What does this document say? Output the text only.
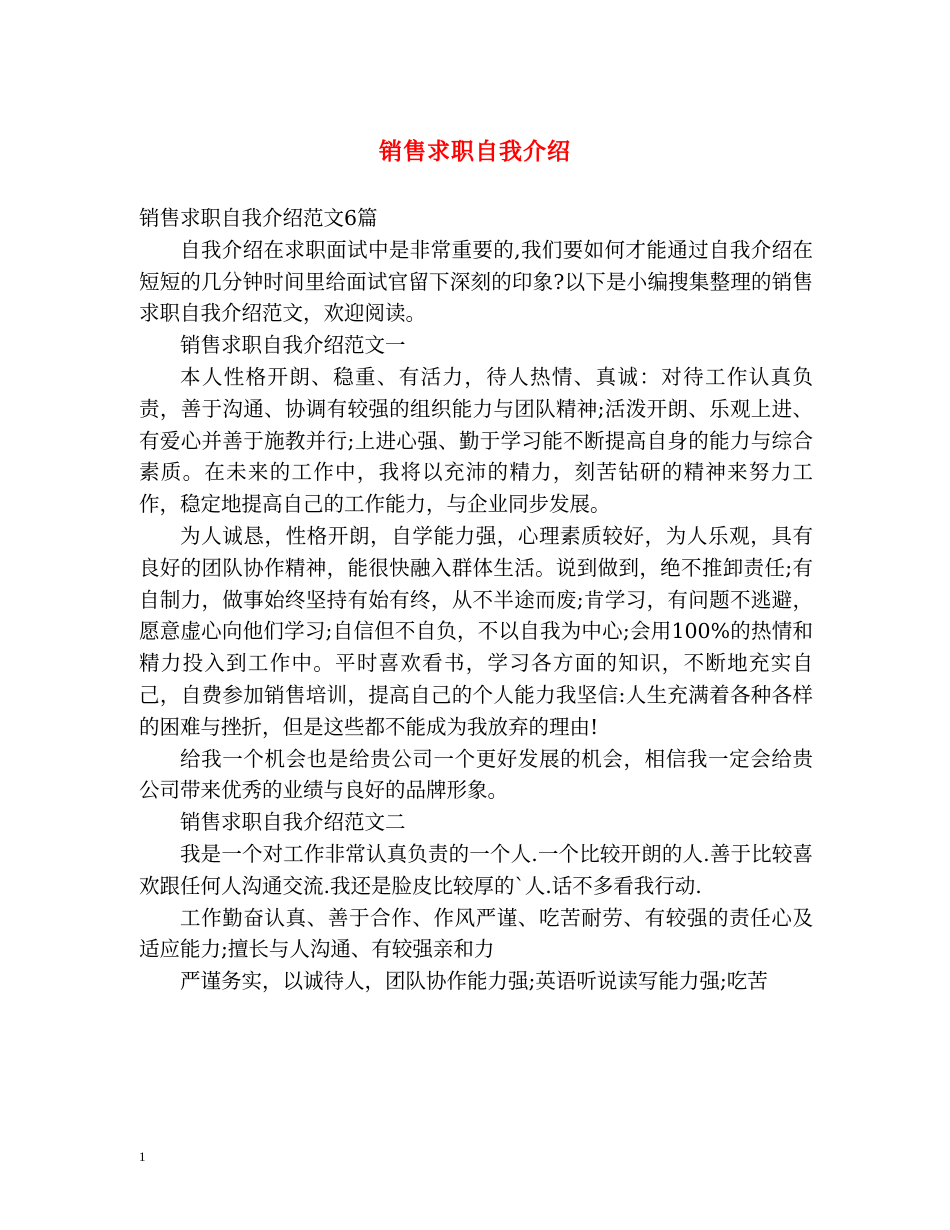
销售求职自我介绍

销售求职自我介绍范文6篇

自我介绍在求职面试中是非常重要的,我们要如何才能通过自我介绍在短短的几分钟时间里给面试官留下深刻的印象?以下是小编搜集整理的销售求职自我介绍范文，欢迎阅读。

销售求职自我介绍范文一

本人性格开朗、稳重、有活力，待人热情、真诚：对待工作认真负责，善于沟通、协调有较强的组织能力与团队精神;活泼开朗、乐观上进、有爱心并善于施教并行;上进心强、勤于学习能不断提高自身的能力与综合素质。在未来的工作中，我将以充沛的精力，刻苦钻研的精神来努力工作，稳定地提高自己的工作能力，与企业同步发展。

为人诚恳，性格开朗，自学能力强，心理素质较好，为人乐观，具有良好的团队协作精神，能很快融入群体生活。说到做到，绝不推卸责任;有自制力，做事始终坚持有始有终，从不半途而废;肯学习，有问题不逃避，愿意虚心向他们学习;自信但不自负，不以自我为中心;会用100%的热情和精力投入到工作中。平时喜欢看书，学习各方面的知识，不断地充实自己，自费参加销售培训，提高自己的个人能力我坚信:人生充满着各种各样的困难与挫折，但是这些都不能成为我放弃的理由!

给我一个机会也是给贵公司一个更好发展的机会，相信我一定会给贵公司带来优秀的业绩与良好的品牌形象。

销售求职自我介绍范文二

我是一个对工作非常认真负责的一个人.一个比较开朗的人.善于比较喜欢跟任何人沟通交流.我还是脸皮比较厚的`人.话不多看我行动.

工作勤奋认真、善于合作、作风严谨、吃苦耐劳、有较强的责任心及适应能力;擅长与人沟通、有较强亲和力

严谨务实，以诚待人，团队协作能力强;英语听说读写能力强;吃苦

1
